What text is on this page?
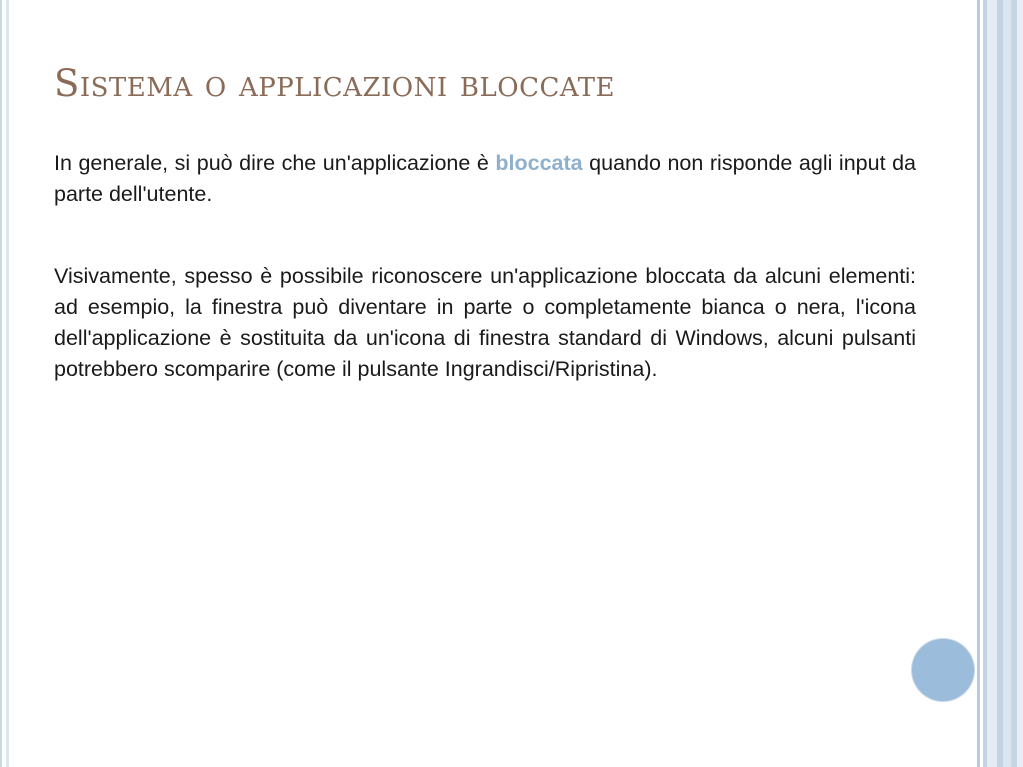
Sistema o applicazioni bloccate

In generale, si può dire che un'applicazione è bloccata quando non risponde agli input da parte dell'utente.

Visivamente, spesso è possibile riconoscere un'applicazione bloccata da alcuni elementi: ad esempio, la finestra può diventare in parte o completamente bianca o nera, l'icona dell'applicazione è sostituita da un'icona di finestra standard di Windows, alcuni pulsanti potrebbero scomparire (come il pulsante Ingrandisci/Ripristina).
